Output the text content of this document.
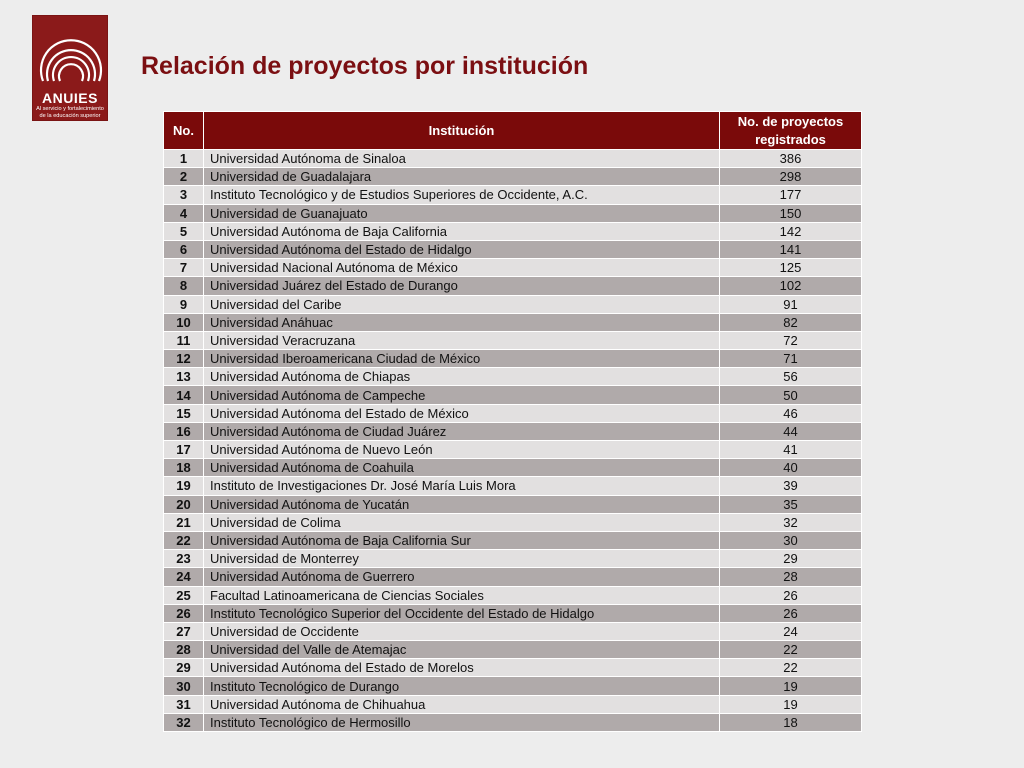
ANUIES
Al servicio y fortalecimiento
de la educación superior
Relación de proyectos por institución
No.	Institución	No. de proyectos registrados
1	Universidad Autónoma de Sinaloa	386
2	Universidad de Guadalajara	298
3	Instituto Tecnológico y de Estudios Superiores de Occidente, A.C.	177
4	Universidad de Guanajuato	150
5	Universidad Autónoma de Baja California	142
6	Universidad Autónoma del Estado de Hidalgo	141
7	Universidad Nacional Autónoma de México	125
8	Universidad Juárez del Estado de Durango	102
9	Universidad del Caribe	91
10	Universidad Anáhuac	82
11	Universidad Veracruzana	72
12	Universidad Iberoamericana Ciudad de México	71
13	Universidad Autónoma de Chiapas	56
14	Universidad Autónoma de Campeche	50
15	Universidad Autónoma del Estado de México	46
16	Universidad Autónoma de Ciudad Juárez	44
17	Universidad Autónoma de Nuevo León	41
18	Universidad Autónoma de Coahuila	40
19	Instituto de Investigaciones Dr. José María Luis Mora	39
20	Universidad Autónoma de Yucatán	35
21	Universidad de Colima	32
22	Universidad Autónoma de Baja California Sur	30
23	Universidad de Monterrey	29
24	Universidad Autónoma de Guerrero	28
25	Facultad Latinoamericana de Ciencias Sociales	26
26	Instituto Tecnológico Superior del Occidente del Estado de Hidalgo	26
27	Universidad de Occidente	24
28	Universidad del Valle de Atemajac	22
29	Universidad Autónoma del Estado de Morelos	22
30	Instituto Tecnológico de Durango	19
31	Universidad Autónoma de Chihuahua	19
32	Instituto Tecnológico de Hermosillo	18
